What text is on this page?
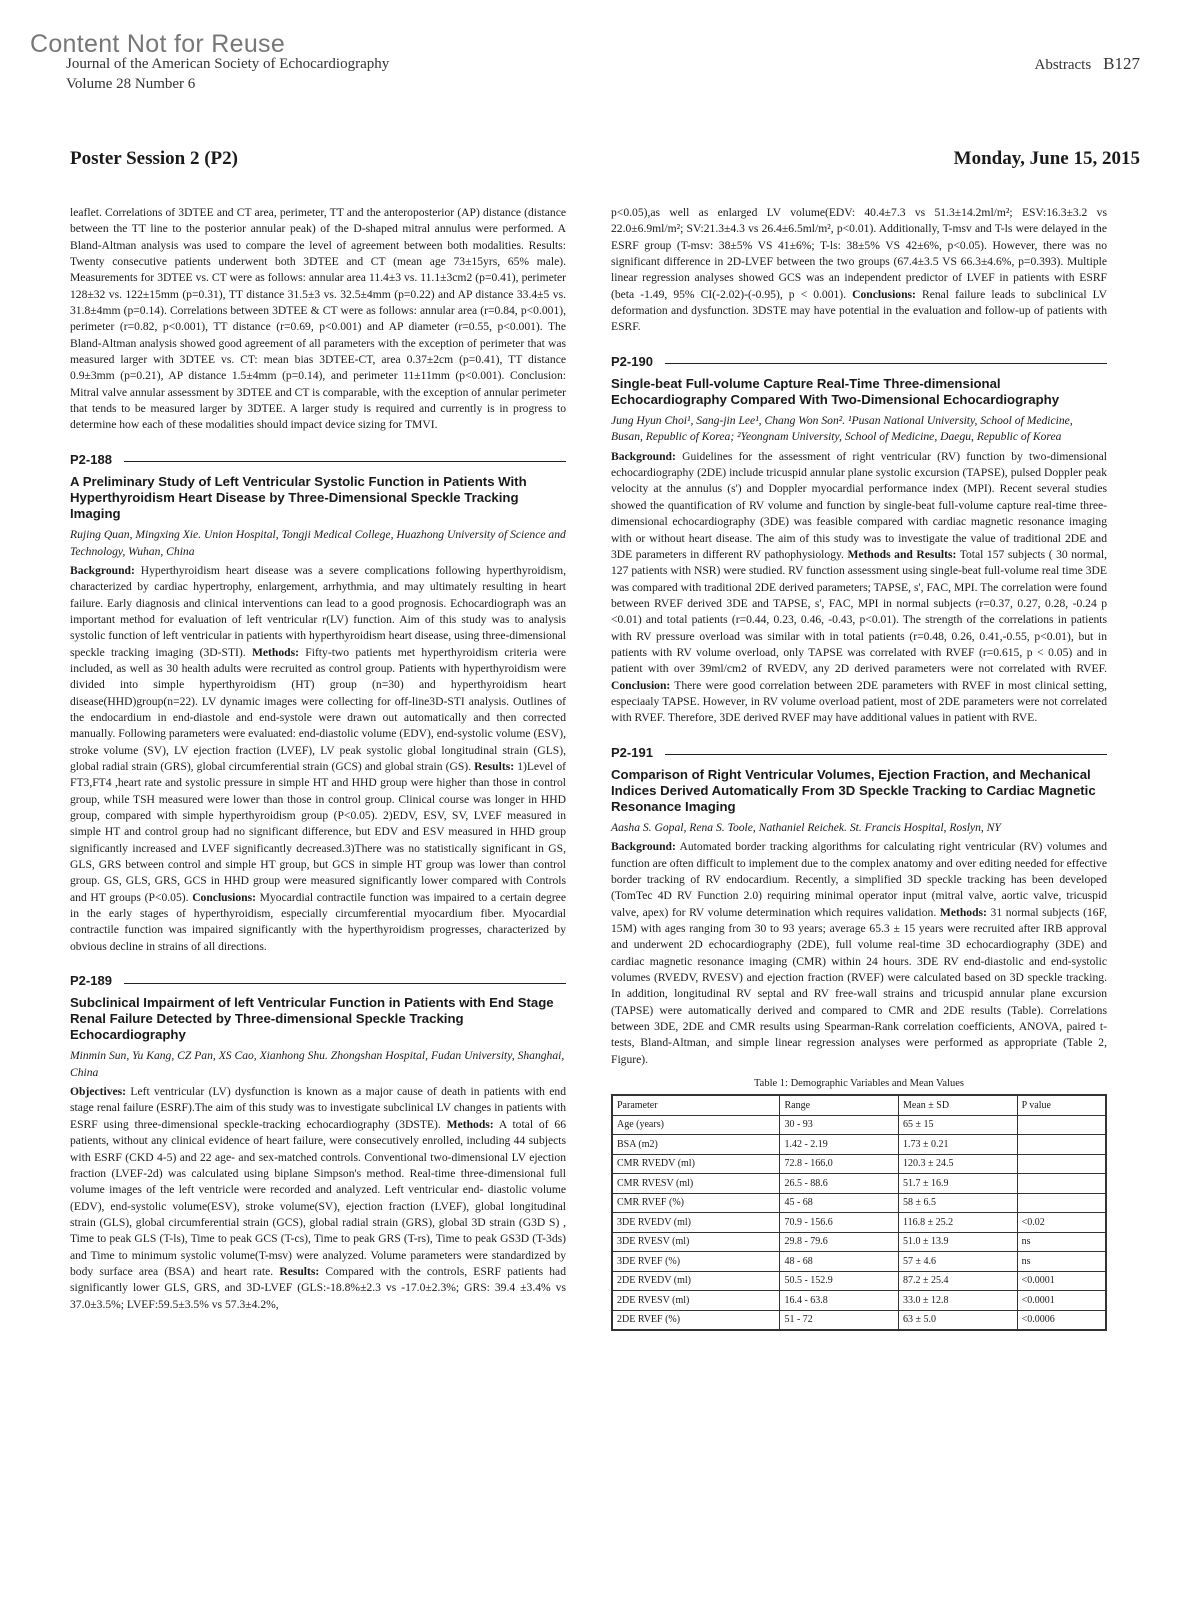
Content Not for Reuse
Journal of the American Society of Echocardiography
Volume 28 Number 6
Abstracts B127
Poster Session 2 (P2)	Monday, June 15, 2015

leaflet. Correlations of 3DTEE and CT area, perimeter, TT and the anteroposterior (AP) distance (distance between the TT line to the posterior annular peak) of the D-shaped mitral annulus were performed. A Bland-Altman analysis was used to compare the level of agreement between both modalities. Results: Twenty consecutive patients underwent both 3DTEE and CT (mean age 73±15yrs, 65% male). Measurements for 3DTEE vs. CT were as follows: annular area 11.4±3 vs. 11.1±3cm2 (p=0.41), perimeter 128±32 vs. 122±15mm (p=0.31), TT distance 31.5±3 vs. 32.5±4mm (p=0.22) and AP distance 33.4±5 vs. 31.8±4mm (p=0.14). Correlations between 3DTEE & CT were as follows: annular area (r=0.84, p<0.001), perimeter (r=0.82, p<0.001), TT distance (r=0.69, p<0.001) and AP diameter (r=0.55, p<0.001). The Bland-Altman analysis showed good agreement of all parameters with the exception of perimeter that was measured larger with 3DTEE vs. CT: mean bias 3DTEE-CT, area 0.37±2cm (p=0.41), TT distance 0.9±3mm (p=0.21), AP distance 1.5±4mm (p=0.14), and perimeter 11±11mm (p<0.001). Conclusion: Mitral valve annular assessment by 3DTEE and CT is comparable, with the exception of annular perimeter that tends to be measured larger by 3DTEE. A larger study is required and currently is in progress to determine how each of these modalities should impact device sizing for TMVI.

P2-188

A Preliminary Study of Left Ventricular Systolic Function in Patients With Hyperthyroidism Heart Disease by Three-Dimensional Speckle Tracking Imaging

Rujing Quan, Mingxing Xie. Union Hospital, Tongji Medical College, Huazhong University of Science and Technology, Wuhan, China

Background: Hyperthyroidism heart disease was a severe complications following hyperthyroidism, characterized by cardiac hypertrophy, enlargement, arrhythmia, and may ultimately resulting in heart failure. Early diagnosis and clinical interventions can lead to a good prognosis. Echocardiograph was an important method for evaluation of left ventricular r(LV) function. Aim of this study was to analysis systolic function of left ventricular in patients with hyperthyroidism heart disease, using three-dimensional speckle tracking imaging (3D-STI). Methods: Fifty-two patients met hyperthyroidism criteria were included, as well as 30 health adults were recruited as control group. Patients with hyperthyroidism were divided into simple hyperthyroidism (HT) group (n=30) and hyperthyroidism heart disease(HHD)group(n=22). LV dynamic images were collecting for off-line3D-STI analysis. Outlines of the endocardium in end-diastole and end-systole were drawn out automatically and then corrected manually. Following parameters were evaluated: end-diastolic volume (EDV), end-systolic volume (ESV), stroke volume (SV), LV ejection fraction (LVEF), LV peak systolic global longitudinal strain (GLS), global radial strain (GRS), global circumferential strain (GCS) and global strain (GS). Results: 1)Level of FT3,FT4 ,heart rate and systolic pressure in simple HT and HHD group were higher than those in control group, while TSH measured were lower than those in control group. Clinical course was longer in HHD group, compared with simple hyperthyroidism group (P<0.05). 2)EDV, ESV, SV, LVEF measured in simple HT and control group had no significant difference, but EDV and ESV measured in HHD group significantly increased and LVEF significantly decreased.3)There was no statistically significant in GS, GLS, GRS between control and simple HT group, but GCS in simple HT group was lower than control group. GS, GLS, GRS, GCS in HHD group were measured significantly lower compared with Controls and HT groups (P<0.05). Conclusions: Myocardial contractile function was impaired to a certain degree in the early stages of hyperthyroidism, especially circumferential myocardium fiber. Myocardial contractile function was impaired significantly with the hyperthyroidism progresses, characterized by obvious decline in strains of all directions.

P2-189

Subclinical Impairment of left Ventricular Function in Patients with End Stage Renal Failure Detected by Three-dimensional Speckle Tracking Echocardiography

Minmin Sun, Yu Kang, CZ Pan, XS Cao, Xianhong Shu. Zhongshan Hospital, Fudan University, Shanghai, China

Objectives: Left ventricular (LV) dysfunction is known as a major cause of death in patients with end stage renal failure (ESRF).The aim of this study was to investigate subclinical LV changes in patients with ESRF using three-dimensional speckle-tracking echocardiography (3DSTE). Methods: A total of 66 patients, without any clinical evidence of heart failure, were consecutively enrolled, including 44 subjects with ESRF (CKD 4-5) and 22 age- and sex-matched controls. Conventional two-dimensional LV ejection fraction (LVEF-2d) was calculated using biplane Simpson's method. Real-time three-dimensional full volume images of the left ventricle were recorded and analyzed. Left ventricular end- diastolic volume (EDV), end-systolic volume(ESV), stroke volume(SV), ejection fraction (LVEF), global longitudinal strain (GLS), global circumferential strain (GCS), global radial strain (GRS), global 3D strain (G3D S) , Time to peak GLS (T-ls), Time to peak GCS (T-cs), Time to peak GRS (T-rs), Time to peak GS3D (T-3ds) and Time to minimum systolic volume(T-msv) were analyzed. Volume parameters were standardized by body surface area (BSA) and heart rate. Results: Compared with the controls, ESRF patients had significantly lower GLS, GRS, and 3D-LVEF (GLS:-18.8%±2.3 vs -17.0±2.3%; GRS: 39.4 ±3.4% vs 37.0±3.5%; LVEF:59.5±3.5% vs 57.3±4.2%,

p<0.05),as well as enlarged LV volume(EDV: 40.4±7.3 vs 51.3±14.2ml/m²; ESV:16.3±3.2 vs 22.0±6.9ml/m²; SV:21.3±4.3 vs 26.4±6.5ml/m², p<0.01). Additionally, T-msv and T-ls were delayed in the ESRF group (T-msv: 38±5% VS 41±6%; T-ls: 38±5% VS 42±6%, p<0.05). However, there was no significant difference in 2D-LVEF between the two groups (67.4±3.5 VS 66.3±4.6%, p=0.393). Multiple linear regression analyses showed GCS was an independent predictor of LVEF in patients with ESRF (beta -1.49, 95% CI(-2.02)-(-0.95), p < 0.001). Conclusions: Renal failure leads to subclinical LV deformation and dysfunction. 3DSTE may have potential in the evaluation and follow-up of patients with ESRF.

P2-190

Single-beat Full-volume Capture Real-Time Three-dimensional Echocardiography Compared With Two-Dimensional Echocardiography

Jung Hyun Choi¹, Sang-jin Lee¹, Chang Won Son². ¹Pusan National University, School of Medicine, Busan, Republic of Korea; ²Yeongnam University, School of Medicine, Daegu, Republic of Korea

Background: Guidelines for the assessment of right ventricular (RV) function by two-dimensional echocardiography (2DE) include tricuspid annular plane systolic excursion (TAPSE), pulsed Doppler peak velocity at the annulus (s') and Doppler myocardial performance index (MPI). Recent several studies showed the quantification of RV volume and function by single-beat full-volume capture real-time three-dimensional echocardiography (3DE) was feasible compared with cardiac magnetic resonance imaging with or without heart disease. The aim of this study was to investigate the value of traditional 2DE and 3DE parameters in different RV pathophysiology. Methods and Results: Total 157 subjects ( 30 normal, 127 patients with NSR) were studied. RV function assessment using single-beat full-volume real time 3DE was compared with traditional 2DE derived parameters; TAPSE, s', FAC, MPI. The correlation were found between RVEF derived 3DE and TAPSE, s', FAC, MPI in normal subjects (r=0.37, 0.27, 0.28, -0.24 p <0.01) and total patients (r=0.44, 0.23, 0.46, -0.43, p<0.01). The strength of the correlations in patients with RV pressure overload was similar with in total patients (r=0.48, 0.26, 0.41,-0.55, p<0.01), but in patients with RV volume overload, only TAPSE was correlated with RVEF (r=0.615, p < 0.05) and in patient with over 39ml/cm2 of RVEDV, any 2D derived parameters were not correlated with RVEF. Conclusion: There were good correlation between 2DE parameters with RVEF in most clinical setting, especiaaly TAPSE. However, in RV volume overload patient, most of 2DE parameters were not correlated with RVEF. Therefore, 3DE derived RVEF may have additional values in patient with RVE.

P2-191

Comparison of Right Ventricular Volumes, Ejection Fraction, and Mechanical Indices Derived Automatically From 3D Speckle Tracking to Cardiac Magnetic Resonance Imaging

Aasha S. Gopal, Rena S. Toole, Nathaniel Reichek. St. Francis Hospital, Roslyn, NY

Background: Automated border tracking algorithms for calculating right ventricular (RV) volumes and function are often difficult to implement due to the complex anatomy and over editing needed for effective border tracking of RV endocardium. Recently, a simplified 3D speckle tracking has been developed (TomTec 4D RV Function 2.0) requiring minimal operator input (mitral valve, aortic valve, tricuspid valve, apex) for RV volume determination which requires validation. Methods: 31 normal subjects (16F, 15M) with ages ranging from 30 to 93 years; average 65.3 ± 15 years were recruited after IRB approval and underwent 2D echocardiography (2DE), full volume real-time 3D echocardiography (3DE) and cardiac magnetic resonance imaging (CMR) within 24 hours. 3DE RV end-diastolic and end-systolic volumes (RVEDV, RVESV) and ejection fraction (RVEF) were calculated based on 3D speckle tracking. In addition, longitudinal RV septal and RV free-wall strains and tricuspid annular plane excursion (TAPSE) were automatically derived and compared to CMR and 2DE results (Table). Correlations between 3DE, 2DE and CMR results using Spearman-Rank correlation coefficients, ANOVA, paired t-tests, Bland-Altman, and simple linear regression analyses were performed as appropriate (Table 2, Figure).

Table 1: Demographic Variables and Mean Values
Parameter	Range	Mean ± SD	P value
Age (years)	30 - 93	65 ± 15	
BSA (m2)	1.42 - 2.19	1.73 ± 0.21	
CMR RVEDV (ml)	72.8 - 166.0	120.3 ± 24.5	
CMR RVESV (ml)	26.5 - 88.6	51.7 ± 16.9	
CMR RVEF (%)	45 - 68	58 ± 6.5	
3DE RVEDV (ml)	70.9 - 156.6	116.8 ± 25.2	<0.02
3DE RVESV (ml)	29.8 - 79.6	51.0 ± 13.9	ns
3DE RVEF (%)	48 - 68	57 ± 4.6	ns
2DE RVEDV (ml)	50.5 - 152.9	87.2 ± 25.4	<0.0001
2DE RVESV (ml)	16.4 - 63.8	33.0 ± 12.8	<0.0001
2DE RVEF (%)	51 - 72	63 ± 5.0	<0.0006
